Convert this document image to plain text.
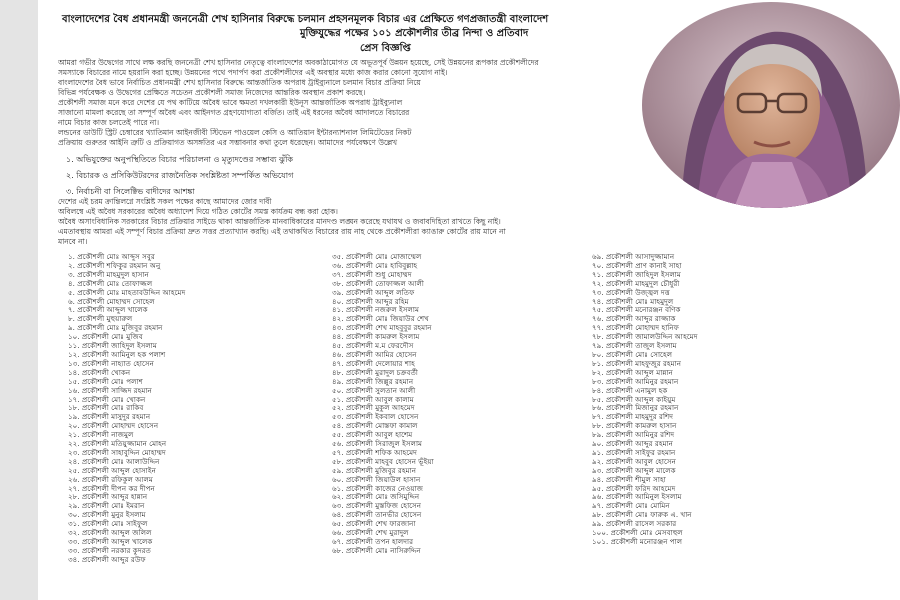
বাংলাদেশের বৈধ প্রধানমন্ত্রী জননেত্রী শেখ হাসিনার বিরুদ্ধে চলমান প্রহসনমূলক বিচার এর প্রেক্ষিতে গণপ্রজাতন্ত্রী বাংলাদেশ
মুক্তিযুদ্ধের পক্ষের ১০১ প্রকৌশলীর তীব্র নিন্দা ও প্রতিবাদ
প্রেস বিজ্ঞপ্তি
আমরা গভীর উদ্বেগের সাথে লক্ষ করছি জননেত্রী শেখ হাসিনার নেতৃত্বে বাংলাদেশের অবকাঠামোগত যে অভূতপূর্ব উন্নয়ন হয়েছে, সেই উন্নয়নের রূপকার প্রকৌশলীদের
সমস্যাকে বিচারের নামে হয়রানি করা হচ্ছে। উন্নয়নের পথে পদার্পণ করা প্রকৌশলীদের এই অবস্থার মধ্যে কাজ করার কোনো সুযোগ নাই।
বাংলাদেশের বৈধ ভাবে নির্বাচিত প্রধানমন্ত্রী শেখ হাসিনার বিরুদ্ধে আন্তর্জাতিক অপরাধ ট্রাইব্যুনালে চলমান বিচার প্রক্রিয়া নিয়ে
বিভিন্ন পর্যবেক্ষক ও উদ্বেগের প্রেক্ষিতে সচেতন প্রকৌশলী সমাজ নিজেদের আন্তরিক অবস্থান প্রকাশ করছে।
প্রকৌশলী সমাজ মনে করে দেশের যে পথ কাটিয়ে অবৈধ ভাবে ক্ষমতা দখলকারী ইউনূস আন্তর্জাতিক অপরাধ ট্রাইব্যুনাল
সাজানো মামলা করেছে তা সম্পূর্ণ অবৈধ এবং আইনগত গ্রহণযোগ্যতা বর্জিত। তাই এই ধরনের অবৈধ আদালতে বিচারের
নামে বিচার কাজ চলতেই পারে না।
লন্ডনের ডাউটি স্ট্রিট চেম্বারের খ্যাতিমান আইনজীবী স্টিভেন পাওয়েল কেসি ও আতিয়ান ইন্টারন্যাশনাল লিমিটেডের নিকট
প্রক্রিয়ায় গুরুতর আইনি ত্রুটি ও প্রক্রিয়াগত অসঙ্গতির এর সম্ভাবনার কথা তুলে ধরেছেন। আমাদের পর্যবেক্ষণে উল্লেখ
১. অভিযুক্তের অনুপস্থিতিতে বিচার পরিচালনা ও মৃত্যুদণ্ডের সম্ভাব্য ঝুঁকি
২. বিচারক ও প্রসিকিউটরদের রাজনৈতিক সংশ্লিষ্টতা সম্পর্কিত অভিযোগ
৩. নির্বাচনী বা সিলেক্টিভ বাদীদের আশঙ্কা
দেশের এই চরম ক্রান্তিলগ্নে সংশ্লিষ্ট সকল পক্ষের কাছে আমাদের জোর দাবী
অবিলম্বে এই অবৈধ সরকারের অবৈধ অধ্যাদেশ দিয়ে গঠিত কোর্টের সমস্ত কার্যক্রম বন্ধ করা হোক।
অবৈধ অসাংবিধানিক সরকারের বিচার প্রক্রিয়ার সাইডে থাকা আন্তর্জাতিক মানবাধিকারের মানদণ্ড লঙ্ঘন করেছে যথাযথ ও জবাবদিহিতা রাখতে কিছু নাই।
এমতাবস্থায় আমরা এই সম্পূর্ণ বিচার প্রক্রিয়া দ্রুত সত্তর প্রত্যাখ্যান করছি। এই তথাকথিত বিচারের রায় নাহ থেকে প্রকৌশলীরা ক্যাঙারু কোর্টের রায় মানে না
মানবে না।
১. প্রকৌশলী মোঃ আব্দুস সবুর
২. প্রকৌশলী শফিকুর রহমান অনু
৩. প্রকৌশলী মাহমুদুল হাসান
৪. প্রকৌশলী মোঃ তোফাজ্জল
৫. প্রকৌশলী মোঃ মাহতাবউদ্দিন আহমেদ
৬. প্রকৌশলী মোহাম্মদ সোহেল
৭. প্রকৌশলী আব্দুল খালেক
৮. প্রকৌশলী মুহুয়ারুল
৯. প্রকৌশলী মোঃ মুজিবুর রহমান
১০. প্রকৌশলী মোঃ মুজিব
১১. প্রকৌশলী জাহিদুল ইসলাম
১২. প্রকৌশলী আমিনুল হক পলাশ
১৩. প্রকৌশলী নাহ্যাত হোসেন
১৪. প্রকৌশলী খোকন
১৫. প্রকৌশলী মোঃ পলাশ
১৬. প্রকৌশলী সাজ্জিদ রহমান
১৭. প্রকৌশলী মোঃ খোকন
১৮. প্রকৌশলী মোঃ রাকিব
১৯. প্রকৌশলী মাসুদুর রহমান
২০. প্রকৌশলী মোহাম্মদ হোসেন
২১. প্রকৌশলী নাজমুল
২২. প্রকৌশলী মতিয়ুজ্জামান মোহন
২৩. প্রকৌশলী সাহাবুদ্দিন মোহাম্মদ
২৪. প্রকৌশলী মোঃ আলাউদ্দিন
২৫. প্রকৌশলী আব্দুল হোসাইন
২৬. প্রকৌশলী রফিকুল আলম
২৭. প্রকৌশলী দীপন কর দীপন
২৮. প্রকৌশলী আব্দুর হান্নান
২৯. প্রকৌশলী মোঃ ইমরান
৩০. প্রকৌশলী মুনুর ইসলাম
৩১. প্রকৌশলী মোঃ সাইফুল
৩২. প্রকৌশলী আব্দুল জলিল
৩৩. প্রকৌশলী আব্দুল খালেক
৩৩. প্রকৌশলী নরকার কুদরত
৩৪. প্রকৌশলী আব্দুর রউফ
৩৫. প্রকৌশলী মোঃ মোজাম্মেল
৩৬. প্রকৌশলী মোঃ হাবিবুল্লাহ
৩৭. প্রকৌশলী শুধু মোহাম্মদ
৩৮. প্রকৌশলী তোফাজ্জল আলী
৩৯. প্রকৌশলী আব্দুল লতিফ
৪০. প্রকৌশলী আব্দুর রহিম
৪১. প্রকৌশলী নজরুল ইসলাম
৪২. প্রকৌশলী মোঃ জিয়াউর শেখ
৪৩. প্রকৌশলী শেখ মাহবুবুর রহমান
৪৪. প্রকৌশলী কামরুল ইসলাম
৪৫. প্রকৌশলী ম.ম ফেরদৌস
৪৬. প্রকৌশলী আমির হোসেন
৪৭. প্রকৌশলী দেলোয়ার শাহ
৪৮. প্রকৌশলী মুরাদুল চক্রবর্তী
৪৯. প্রকৌশলী জিল্লুর রহমান
৫০. প্রকৌশলী সুলতান আলী
৫১. প্রকৌশলী আবুল কালাম
৫২. প্রকৌশলী মুকুল আহমেদ
৫৩. প্রকৌশলী ইকবাল হোসেন
৫৪. প্রকৌশলী মোস্তফা কামাল
৫৫. প্রকৌশলী আবুল হাশেম
৫৬. প্রকৌশলী সিরাজুল ইসলাম
৫৭. প্রকৌশলী শফিক আহমেদ
৫৮. প্রকৌশলী মাহবুব হোসেন ভূঁইয়া
৫৯. প্রকৌশলী মুজিবুর রহমান
৬০. প্রকৌশলী জিয়াউল হাসান
৬১. প্রকৌশলী কাজের নেওয়াজ
৬২. প্রকৌশলী মোঃ জসিমুদ্দিন
৬৩. প্রকৌশলী মুস্তফিজ হোসেন
৬৪. প্রকৌশলী তানভীর হোসেন
৬৫. প্রকৌশলী শেখ ফারজানা
৬৬. প্রকৌশলী শেখ মুরাদুল
৬৭. প্রকৌশলী তপন হালদার
৬৮. প্রকৌশলী মোঃ নাসিরুদ্দিন
৬৯. প্রকৌশলী আসাদুজ্জামান
৭০. প্রকৌশলী প্রাণ কানাই সাহা
৭১. প্রকৌশলী জাহিদুল ইসলাম
৭২. প্রকৌশলী মাহমুদুল চৌধুরী
৭৩. প্রকৌশলী উজ্জ্বল দত্ত
৭৪. প্রকৌশলী মোঃ মাহমুদুল
৭৫. প্রকৌশলী মনোরঞ্জন বণিক
৭৬. প্রকৌশলী আব্দুর রাজ্জাক
৭৭. প্রকৌশলী মোহাম্মদ হানিফ
৭৮. প্রকৌশলী জামালউদ্দিন আহমেদ
৭৯. প্রকৌশলী তাজুল ইসলাম
৮০. প্রকৌশলী মোঃ সোহেল
৮১. প্রকৌশলী মাহফুজুর রহমান
৮২. প্রকৌশলী আব্দুল মান্নান
৮৩. প্রকৌশলী আমিনুর রহমান
৮৪. প্রকৌশলী এনামুল হক
৮৫. প্রকৌশলী আব্দুল কাইয়ুম
৮৬. প্রকৌশলী মিজানুর রহমান
৮৭. প্রকৌশলী মাহমুদুর রশিদ
৮৮. প্রকৌশলী কামরুল হাসান
৮৯. প্রকৌশলী আমিনুর রশিদ
৯০. প্রকৌশলী আব্দুর রহমান
৯১. প্রকৌশলী সাইফুর রহমান
৯২. প্রকৌশলী আবুল হোসেন
৯৩. প্রকৌশলী আব্দুল মালেক
৯৪. প্রকৌশলী শীমুল সাহা
৯৫. প্রকৌশলী ফরিদ আহমেদ
৯৬. প্রকৌশলী আমিনুল ইসলাম
৯৭. প্রকৌশলী মোঃ মোমিন
৯৮. প্রকৌশলী মোঃ ফারুক এ. খান
৯৯. প্রকৌশলী রাসেল সরকার
১০০. প্রকৌশলী মোঃ মেসবাহুল
১০১. প্রকৌশলী মনোরঞ্জন পাল
